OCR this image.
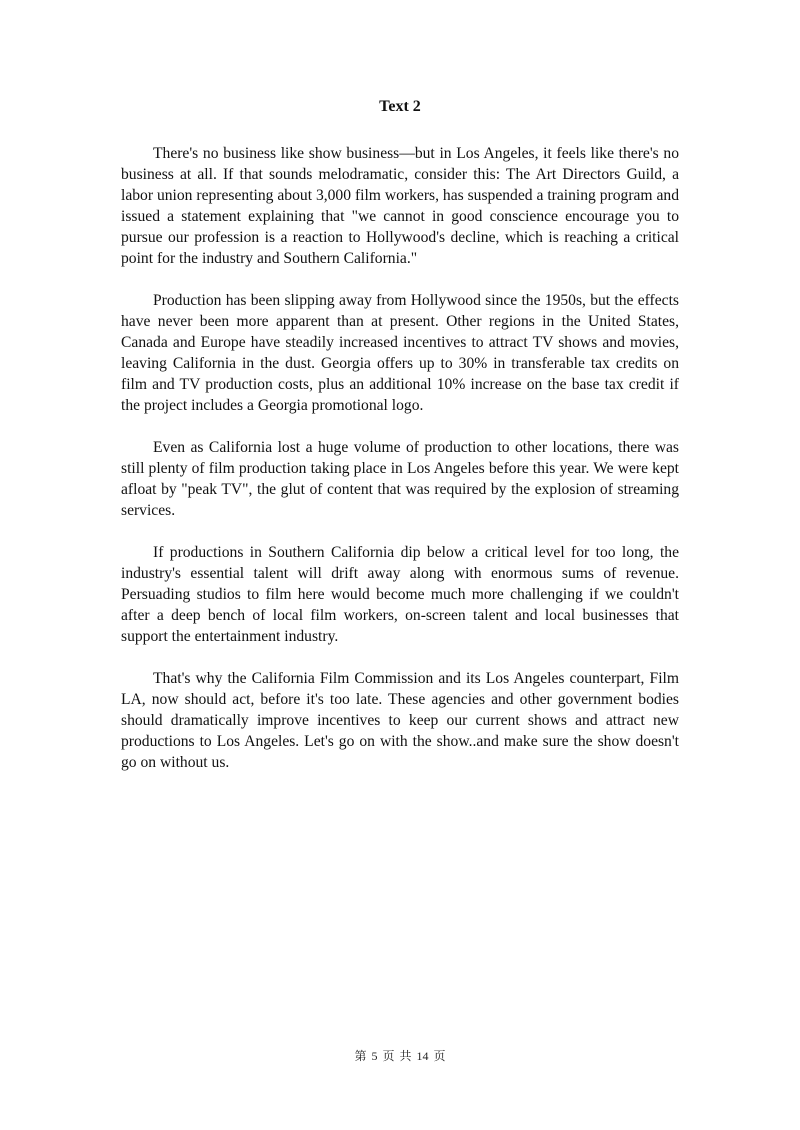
Text 2

There's no business like show business—but in Los Angeles, it feels like there's no business at all. If that sounds melodramatic, consider this: The Art Directors Guild, a labor union representing about 3,000 film workers, has suspended a training program and issued a statement explaining that "we cannot in good conscience encourage you to pursue our profession is a reaction to Hollywood's decline, which is reaching a critical point for the industry and Southern California."

Production has been slipping away from Hollywood since the 1950s, but the effects have never been more apparent than at present. Other regions in the United States, Canada and Europe have steadily increased incentives to attract TV shows and movies, leaving California in the dust. Georgia offers up to 30% in transferable tax credits on film and TV production costs, plus an additional 10% increase on the base tax credit if the project includes a Georgia promotional logo.

Even as California lost a huge volume of production to other locations, there was still plenty of film production taking place in Los Angeles before this year. We were kept afloat by "peak TV", the glut of content that was required by the explosion of streaming services.

If productions in Southern California dip below a critical level for too long, the industry's essential talent will drift away along with enormous sums of revenue. Persuading studios to film here would become much more challenging if we couldn't after a deep bench of local film workers, on-screen talent and local businesses that support the entertainment industry.

That's why the California Film Commission and its Los Angeles counterpart, Film LA, now should act, before it's too late. These agencies and other government bodies should dramatically improve incentives to keep our current shows and attract new productions to Los Angeles. Let's go on with the show..and make sure the show doesn't go on without us.

第 5 页 共 14 页
